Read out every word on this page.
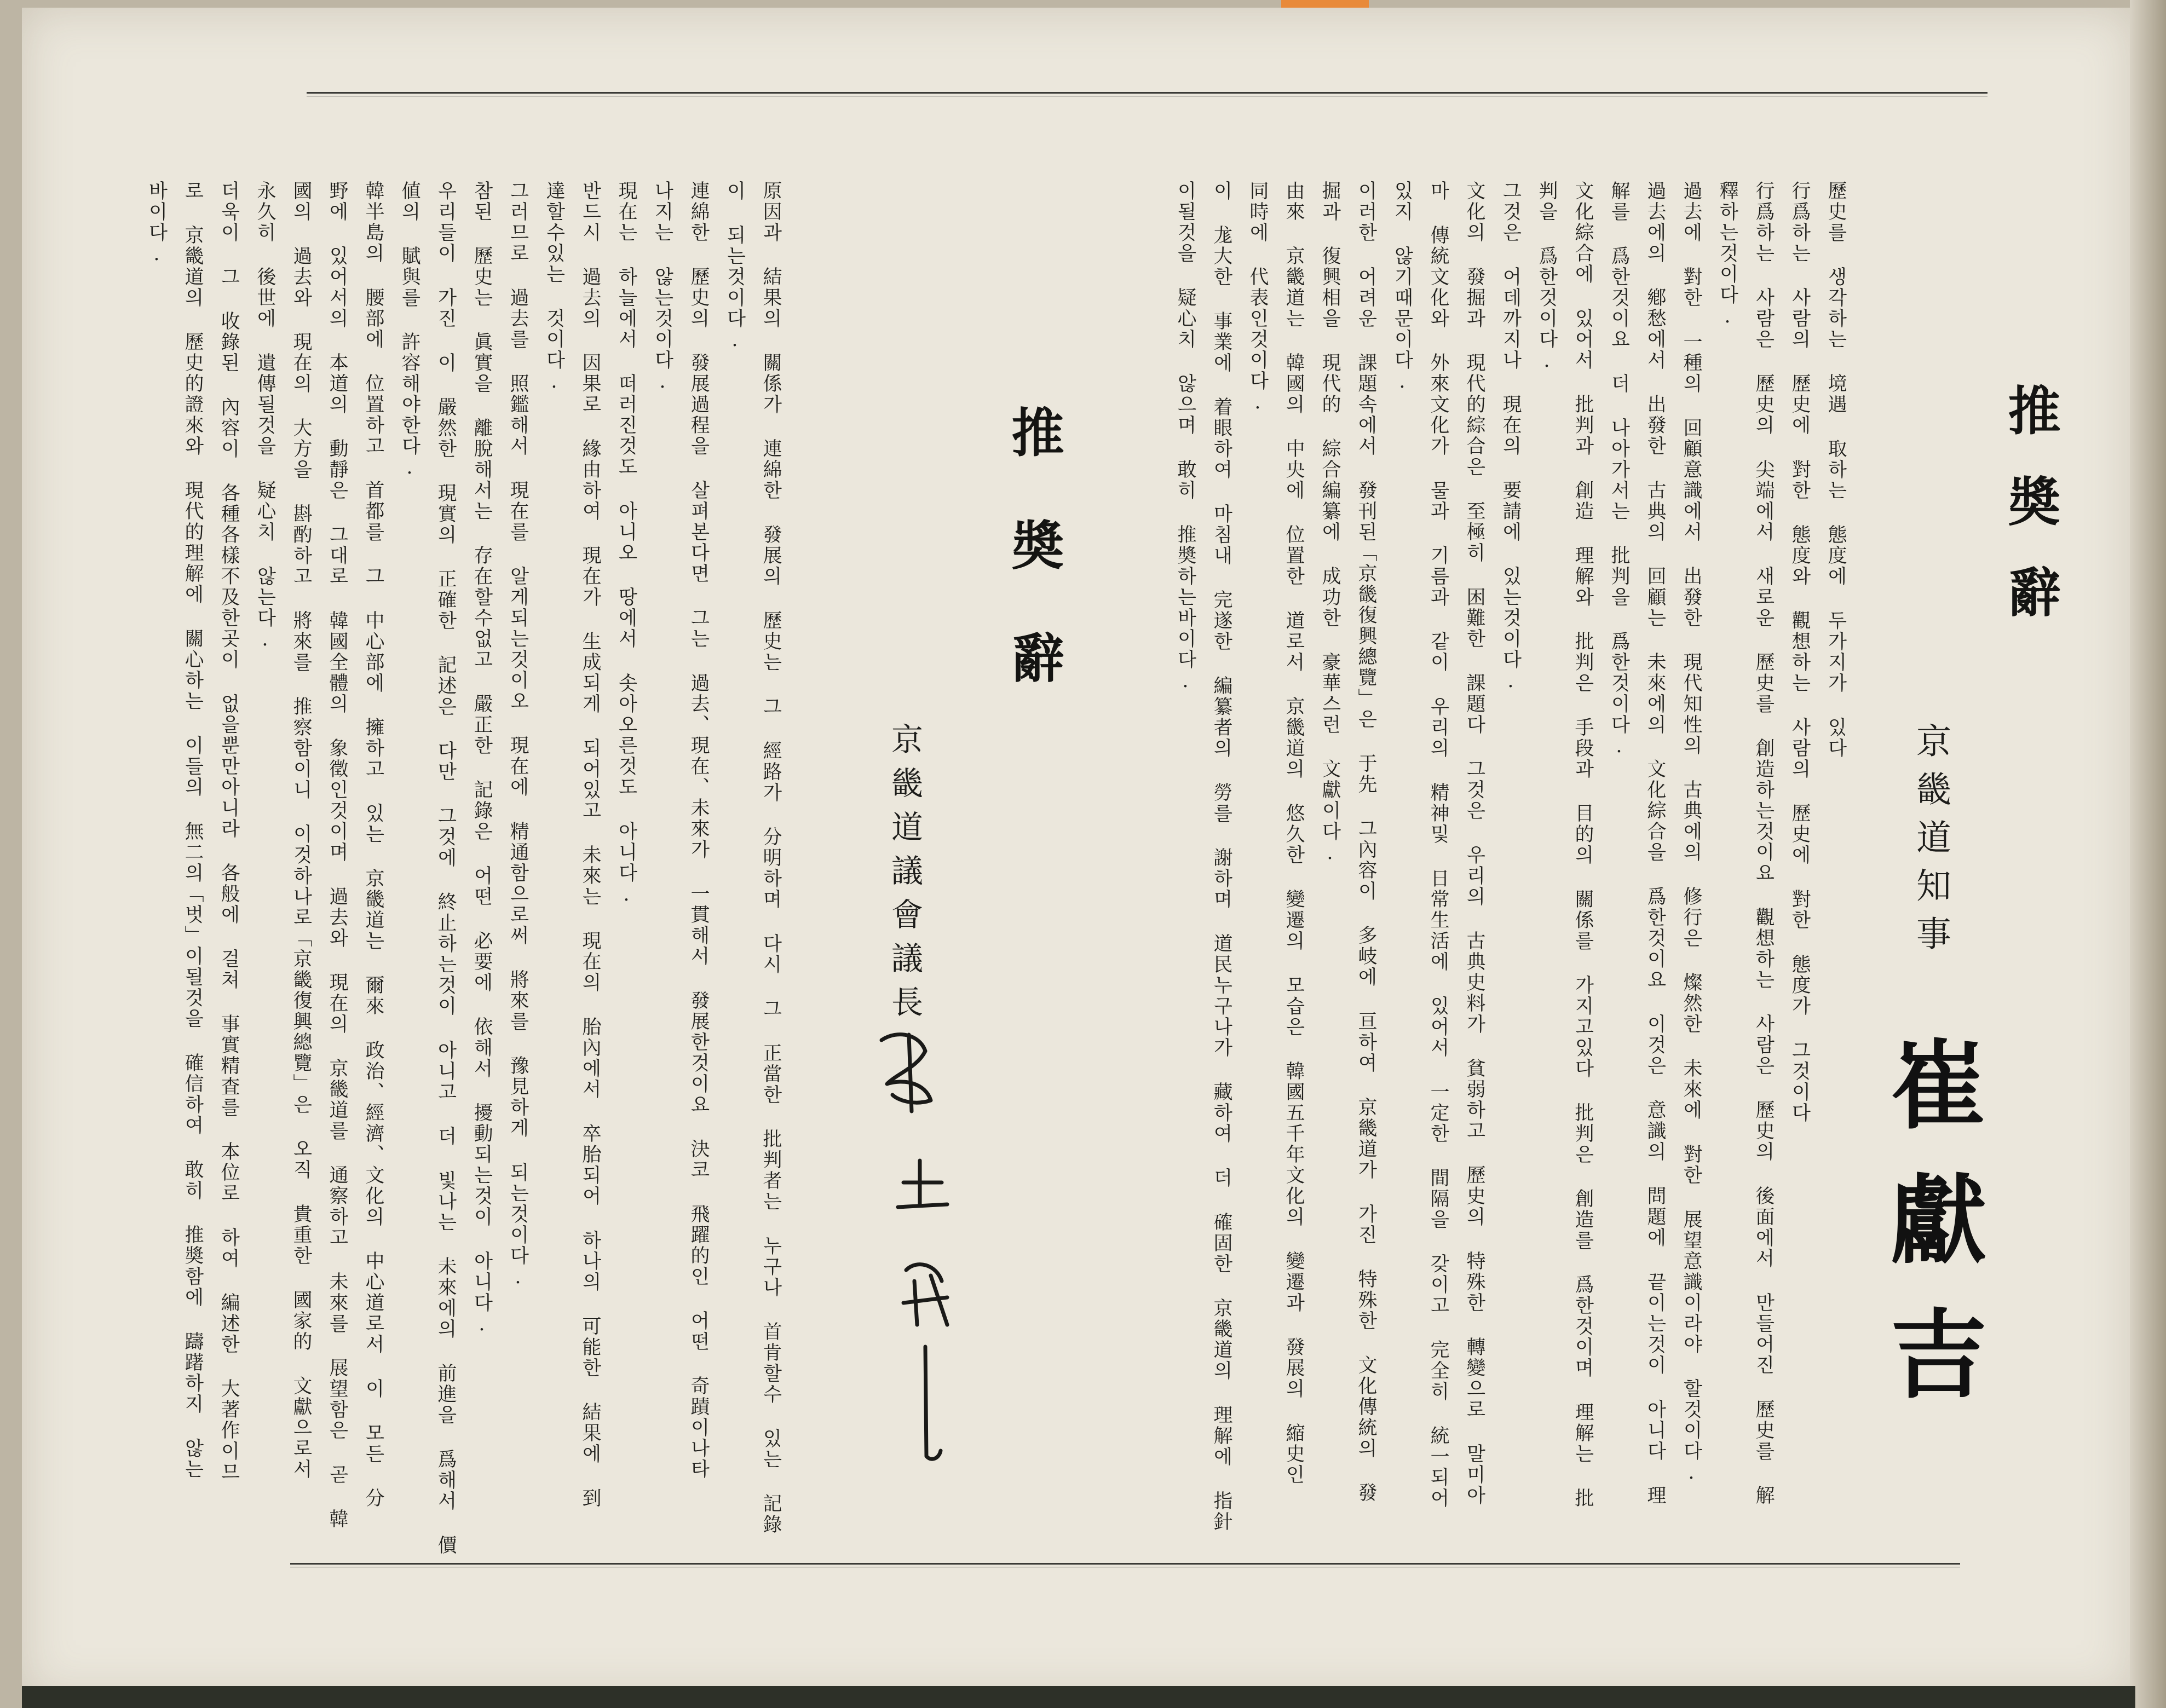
推奬辭
京畿道知事
崔獻吉
歷史를 생각하는 境遇 取하는 態度에 두가지가 있다
行爲하는 사람의 歷史에 對한 態度와 觀想하는 사람의 歷史에 對한 態度가 그것이다
行爲하는 사람은 歷史의 尖端에서 새로운 歷史를 創造하는것이요 觀想하는 사람은 歷史의 後面에서 만들어진 歷史를 解
釋하는것이다.
過去에 對한 一種의 回顧意識에서 出發한 現代知性의 古典에의 修行은 燦然한 未來에 對한 展望意識이라야 할것이다.
過去에의 鄕愁에서 出發한 古典의 回顧는 未來에의 文化綜合을 爲한것이요 이것은 意識의 問題에 끝이는것이 아니다 理
解를 爲한것이요 더 나아가서는 批判을 爲한것이다.
文化綜合에 있어서 批判과 創造 理解와 批判은 手段과 目的의 關係를 가지고있다 批判은 創造를 爲한것이며 理解는 批
判을 爲한것이다.
그것은 어데까지나 現在의 要請에 있는것이다.
文化의 發掘과 現代的綜合은 至極히 困難한 課題다 그것은 우리의 古典史料가 貧弱하고 歷史의 特殊한 轉變으로 말미아
마 傳統文化와 外來文化가 물과 기름과 같이 우리의 精神및 日常生活에 있어서 一定한 間隔을 갖이고 完全히 統一되어
있지 않기때문이다.
이러한 어려운 課題속에서 發刊된「京畿復興總覽」은 于先 그內容이 多岐에 亘하여 京畿道가 가진 特殊한 文化傳統의 發
掘과 復興相을 現代的 綜合編纂에 成功한 豪華스런 文獻이다.
由來 京畿道는 韓國의 中央에 位置한 道로서 京畿道의 悠久한 變遷의 모습은 韓國五千年文化의 變遷과 發展의 縮史인
同時에 代表인것이다.
이 尨大한 事業에 着眼하여 마침내 完遂한 編纂者의 勞를 謝하며 道民누구나가 藏하여 더 確固한 京畿道의 理解에 指針
이될것을 疑心치 않으며 敢히 推奬하는바이다.
推奬辭
京畿道議會議長
原因과 結果의 關係가 連綿한 發展의 歷史는 그 經路가 分明하며 다시 그 正當한 批判者는 누구나 首肯할수 있는 記錄
이 되는것이다.
連綿한 歷史의 發展過程을 살펴본다면 그는 過去、現在、未來가 一貫해서 發展한것이요 決코 飛躍的인 어떤 奇蹟이나타
나지는 않는것이다.
現在는 하늘에서 떠러진것도 아니오 땅에서 솟아오른것도 아니다.
반드시 過去의 因果로 緣由하여 現在가 生成되게 되어있고 未來는 現在의 胎內에서 卒胎되어 하나의 可能한 結果에 到
達할수있는 것이다.
그러므로 過去를 照鑑해서 現在를 알게되는것이오 現在에 精通함으로써 將來를 豫見하게 되는것이다.
참된 歷史는 眞實을 離脫해서는 存在할수없고 嚴正한 記錄은 어떤 必要에 依해서 擾動되는것이 아니다.
우리들이 가진 이 嚴然한 現實의 正確한 記述은 다만 그것에 終止하는것이 아니고 더 빛나는 未來에의 前進을 爲해서 價
値의 賦與를 許容해야한다.
韓半島의 腰部에 位置하고 首都를 그 中心部에 擁하고 있는 京畿道는 爾來 政治、經濟、文化의 中心道로서 이 모든 分
野에 있어서의 本道의 動靜은 그대로 韓國全體의 象徵인것이며 過去와 現在의 京畿道를 通察하고 未來를 展望함은 곧 韓
國의 過去와 現在의 大方을 斟酌하고 將來를 推察함이니 이것하나로「京畿復興總覽」은 오직 貴重한 國家的 文獻으로서
永久히 後世에 遺傳될것을 疑心치 않는다.
더욱이 그 收錄된 內容이 各種各樣不及한곳이 없을뿐만아니라 各般에 걸쳐 事實精査를 本位로 하여 編述한 大著作이므
로 京畿道의 歷史的證來와 現代的理解에 關心하는 이들의 無二의「벗」이될것을 確信하여 敢히 推奬함에 躊躇하지 않는
바이다.
